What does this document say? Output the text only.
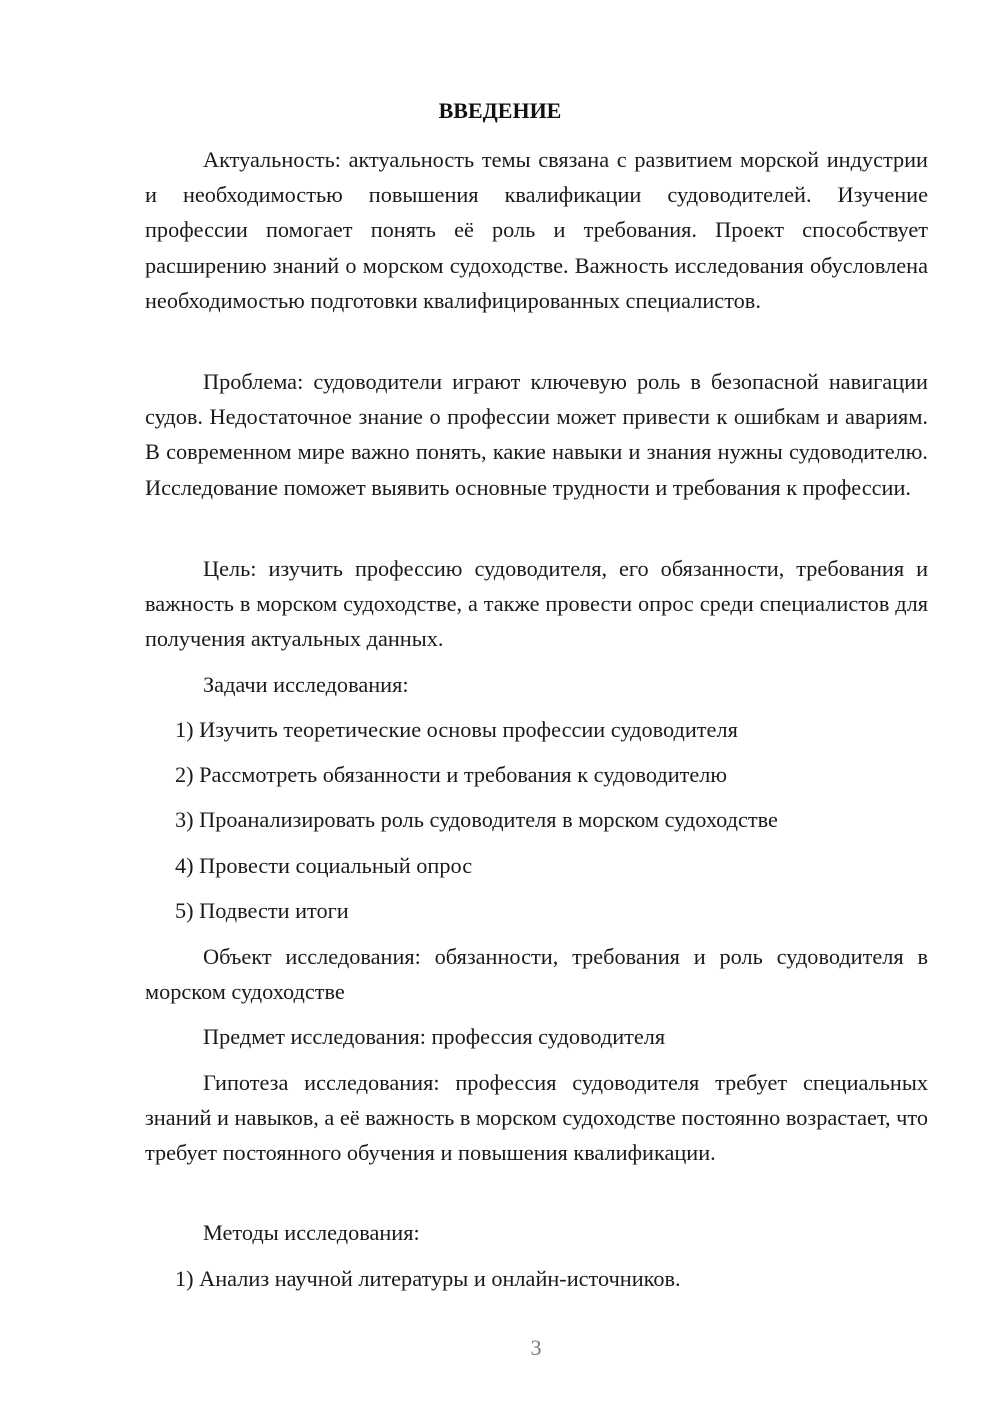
ВВЕДЕНИЕ

Актуальность: актуальность темы связана с развитием морской индустрии и необходимостью повышения квалификации судоводителей. Изучение профессии помогает понять её роль и требования. Проект способствует расширению знаний о морском судоходстве. Важность исследования обусловлена необходимостью подготовки квалифицированных специалистов.

Проблема: судоводители играют ключевую роль в безопасной навигации судов. Недостаточное знание о профессии может привести к ошибкам и авариям. В современном мире важно понять, какие навыки и знания нужны судоводителю. Исследование поможет выявить основные трудности и требования к профессии.

Цель: изучить профессию судоводителя, его обязанности, требования и важность в морском судоходстве, а также провести опрос среди специалистов для получения актуальных данных.

Задачи исследования:
1) Изучить теоретические основы профессии судоводителя
2) Рассмотреть обязанности и требования к судоводителю
3) Проанализировать роль судоводителя в морском судоходстве
4) Провести социальный опрос
5) Подвести итоги

Объект исследования: обязанности, требования и роль судоводителя в морском судоходстве

Предмет исследования: профессия судоводителя

Гипотеза исследования: профессия судоводителя требует специальных знаний и навыков, а её важность в морском судоходстве постоянно возрастает, что требует постоянного обучения и повышения квалификации.

Методы исследования:
1) Анализ научной литературы и онлайн-источников.
3
